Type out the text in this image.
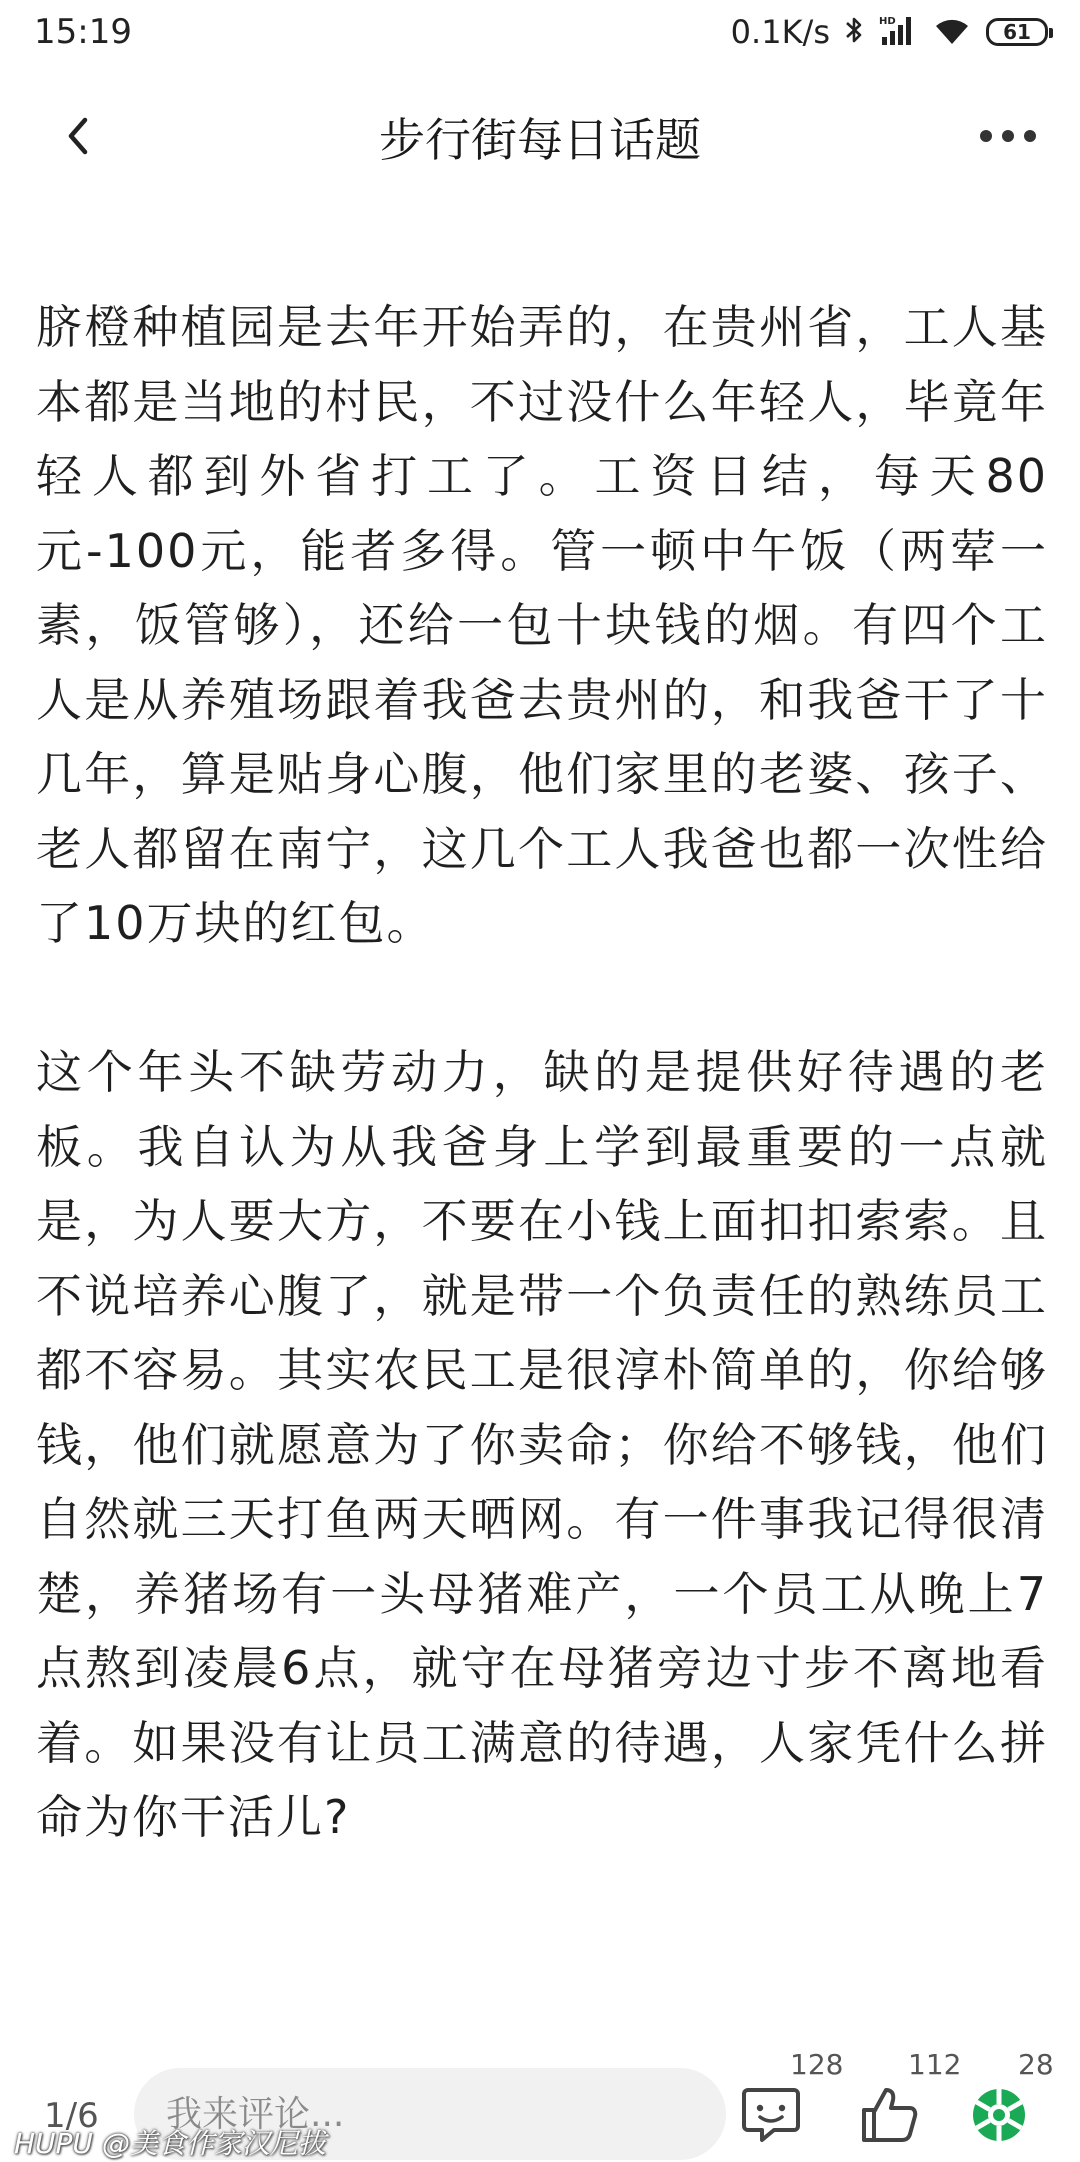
15:19	0.1K/s	HD	61
步行街每日话题

脐橙种植园是去年开始弄的，在贵州省，工人基本都是当地的村民，不过没什么年轻人，毕竟年轻人都到外省打工了。工资日结，每天80元-100元，能者多得。管一顿中午饭（两荤一素，饭管够），还给一包十块钱的烟。有四个工人是从养殖场跟着我爸去贵州的，和我爸干了十几年，算是贴身心腹，他们家里的老婆、孩子、老人都留在南宁，这几个工人我爸也都一次性给了10万块的红包。

这个年头不缺劳动力，缺的是提供好待遇的老板。我自认为从我爸身上学到最重要的一点就是，为人要大方，不要在小钱上面扣扣索索。且不说培养心腹了，就是带一个负责任的熟练员工都不容易。其实农民工是很淳朴简单的，你给够钱，他们就愿意为了你卖命；你给不够钱，他们自然就三天打鱼两天晒网。有一件事我记得很清楚，养猪场有一头母猪难产，一个员工从晚上7点熬到凌晨6点，就守在母猪旁边寸步不离地看着。如果没有让员工满意的待遇，人家凭什么拼命为你干活儿?

1/6
我来评论...
128 112 28
HUPU @美食作家汉尼拔
